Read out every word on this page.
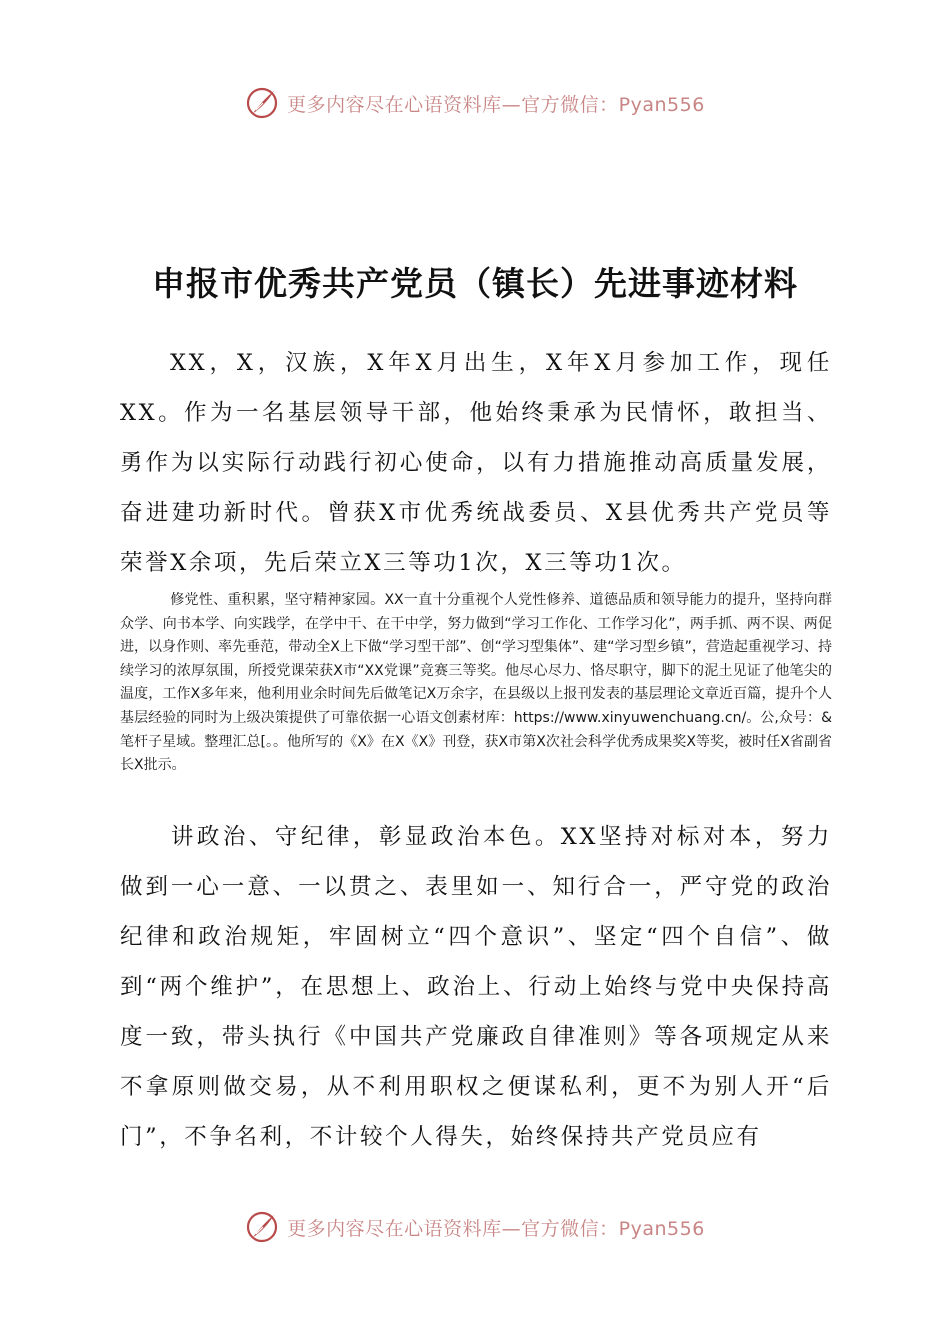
更多内容尽在心语资料库—官方微信：Pyan556
申报市优秀共产党员（镇长）先进事迹材料

XX，X，汉族，X年X月出生，X年X月参加工作，现任XX。作为一名基层领导干部，他始终秉承为民情怀，敢担当、勇作为以实际行动践行初心使命，以有力措施推动高质量发展，奋进建功新时代。曾获X市优秀统战委员、X县优秀共产党员等荣誉X余项，先后荣立X三等功1次，X三等功1次。

修党性、重积累，坚守精神家园。XX一直十分重视个人党性修养、道德品质和领导能力的提升，坚持向群众学、向书本学、向实践学，在学中干、在干中学，努力做到“学习工作化、工作学习化”，两手抓、两不误、两促进，以身作则、率先垂范，带动全X上下做“学习型干部”、创“学习型集体”、建“学习型乡镇”，营造起重视学习、持续学习的浓厚氛围，所授党课荣获X市“XX党课”竞赛三等奖。他尽心尽力、恪尽职守，脚下的泥土见证了他笔尖的温度，工作X多年来，他利用业余时间先后做笔记X万余字，在县级以上报刊发表的基层理论文章近百篇，提升个人基层经验的同时为上级决策提供了可靠依据一心语文创素材库：https://www.xinyuwenchuang.cn/。公,众号：&笔杆子星域。整理汇总[。。他所写的《X》在X《X》刊登，获X市第X次社会科学优秀成果奖X等奖，被时任X省副省长X批示。

讲政治、守纪律，彰显政治本色。XX坚持对标对本，努力做到一心一意、一以贯之、表里如一、知行合一，严守党的政治纪律和政治规矩，牢固树立“四个意识”、坚定“四个自信”、做到“两个维护”，在思想上、政治上、行动上始终与党中央保持高度一致，带头执行《中国共产党廉政自律准则》等各项规定从来不拿原则做交易，从不利用职权之便谋私利，更不为别人开“后门”，不争名利，不计较个人得失，始终保持共产党员应有

更多内容尽在心语资料库—官方微信：Pyan556
